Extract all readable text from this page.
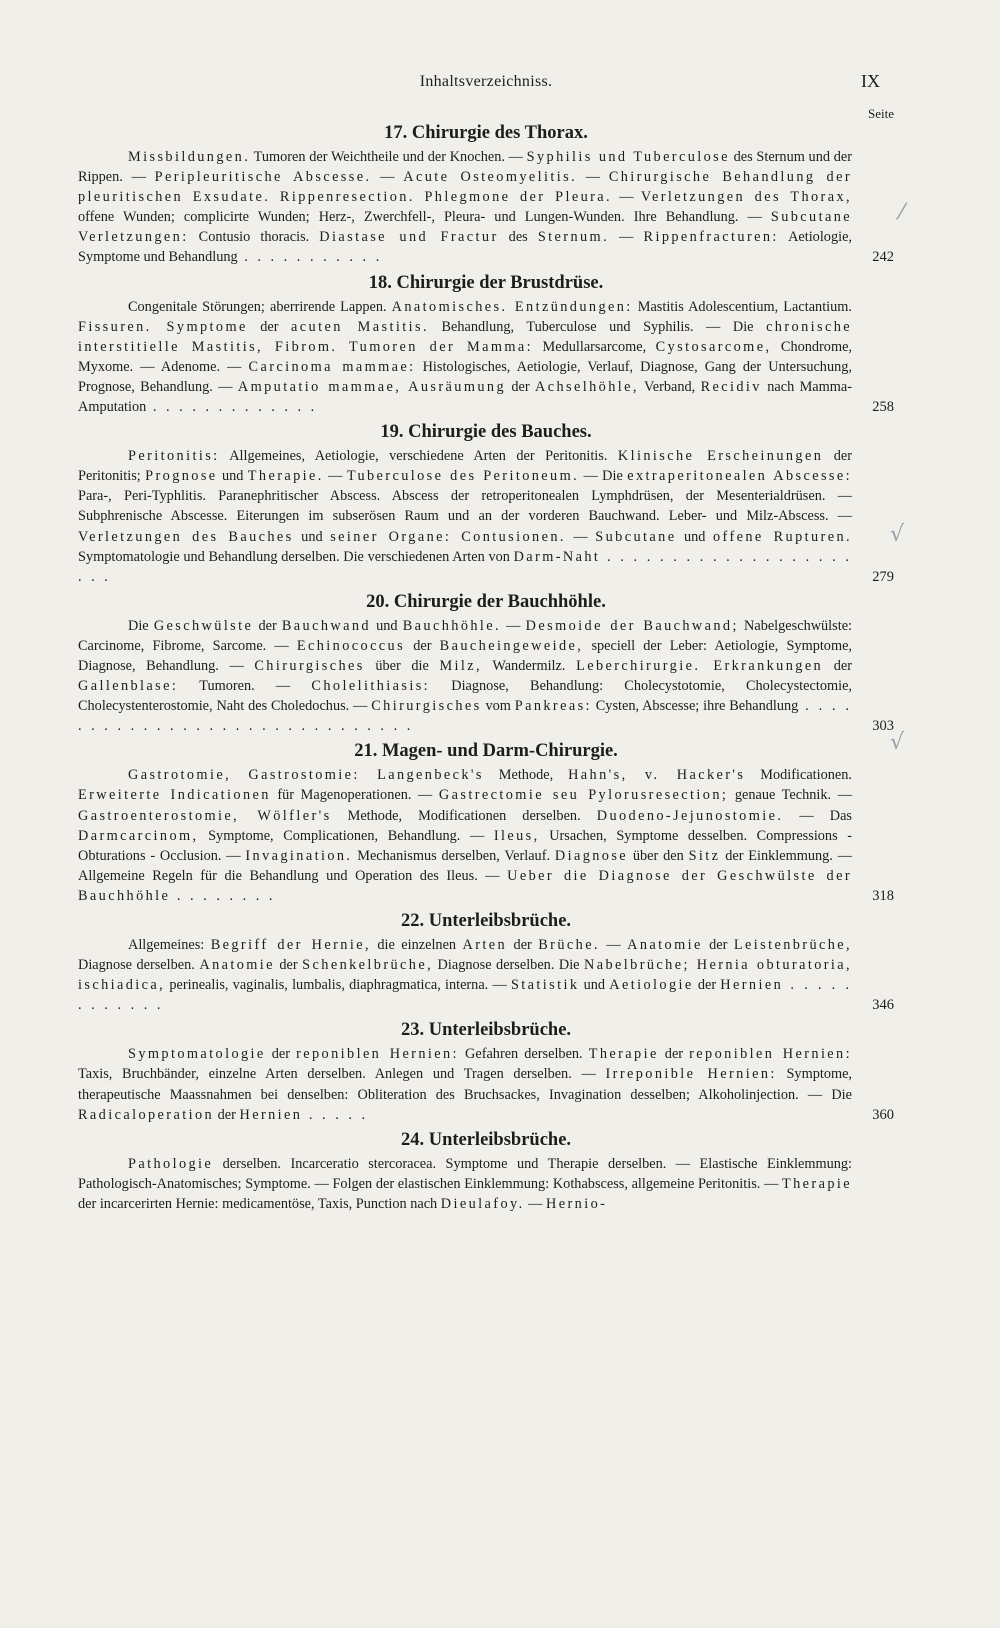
Inhaltsverzeichniss.	IX
Seite
17. Chirurgie des Thorax.
Missbildungen. Tumoren der Weichtheile und der Knochen. — Syphilis und Tuberculose des Sternum und der Rippen. — Peripleuritische Abscesse. — Acute Osteomyelitis. — Chirurgische Behandlung der pleuritischen Exsudate. Rippenresection. Phlegmone der Pleura. — Verletzungen des Thorax, offene Wunden; complicirte Wunden; Herz-, Zwerchfell-, Pleura- und Lungen-Wunden. Ihre Behandlung. — Subcutane Verletzungen: Contusio thoracis. Diastase und Fractur des Sternum. — Rippenfracturen: Aetiologie, Symptome und Behandlung . . . . . . . . . . .	242
18. Chirurgie der Brustdrüse.
Congenitale Störungen; aberrirende Lappen. Anatomisches. Entzündungen: Mastitis Adolescentium, Lactantium. Fissuren. Symptome der acuten Mastitis. Behandlung, Tuberculose und Syphilis. — Die chronische interstitielle Mastitis, Fibrom. Tumoren der Mamma: Medullarsarcome, Cystosarcome, Chondrome, Myxome. — Adenome. — Carcinoma mammae: Histologisches, Aetiologie, Verlauf, Diagnose, Gang der Untersuchung, Prognose, Behandlung. — Amputatio mammae, Ausräumung der Achselhöhle, Verband, Recidiv nach Mamma-Amputation . . . . . . . . . . . . .	258
19. Chirurgie des Bauches.
Peritonitis: Allgemeines, Aetiologie, verschiedene Arten der Peritonitis. Klinische Erscheinungen der Peritonitis; Prognose und Therapie. — Tuberculose des Peritoneum. — Die extraperitonealen Abscesse: Para-, Peri-Typhlitis. Paranephritischer Abscess. Abscess der retroperitonealen Lymphdrüsen, der Mesenterialdrüsen. — Subphrenische Abscesse. Eiterungen im subserösen Raum und an der vorderen Bauchwand. Leber- und Milz-Abscess. — Verletzungen des Bauches und seiner Organe: Contusionen. — Subcutane und offene Rupturen. Symptomatologie und Behandlung derselben. Die verschiedenen Arten von Darm-Naht . . . . . . . . . . . . . . . . . . . . . .	279
20. Chirurgie der Bauchhöhle.
Die Geschwülste der Bauchwand und Bauchhöhle. — Desmoide der Bauchwand; Nabelgeschwülste: Carcinome, Fibrome, Sarcome. — Echinococcus der Baucheingeweide, speciell der Leber: Aetiologie, Symptome, Diagnose, Behandlung. — Chirurgisches über die Milz, Wandermilz. Leberchirurgie. Erkrankungen der Gallenblase: Tumoren. — Cholelithiasis: Diagnose, Behandlung: Cholecystotomie, Cholecystectomie, Cholecystenterostomie, Naht des Choledochus. — Chirurgisches vom Pankreas: Cysten, Abscesse; ihre Behandlung . . . . . . . . . . . . . . . . . . . . . . . . . . . . . .	303
21. Magen- und Darm-Chirurgie.
Gastrotomie, Gastrostomie: Langenbeck's Methode, Hahn's, v. Hacker's Modificationen. Erweiterte Indicationen für Magenoperationen. — Gastrectomie seu Pylorusresection; genaue Technik. — Gastroenterostomie, Wölfler's Methode, Modificationen derselben. Duodeno-Jejunostomie. — Das Darmcarcinom, Symptome, Complicationen, Behandlung. — Ileus, Ursachen, Symptome desselben. Compressions - Obturations - Occlusion. — Invagination. Mechanismus derselben, Verlauf. Diagnose über den Sitz der Einklemmung. — Allgemeine Regeln für die Behandlung und Operation des Ileus. — Ueber die Diagnose der Geschwülste der Bauchhöhle . . . . . . . .	318
22. Unterleibsbrüche.
Allgemeines: Begriff der Hernie, die einzelnen Arten der Brüche. — Anatomie der Leistenbrüche, Diagnose derselben. Anatomie der Schenkelbrüche, Diagnose derselben. Die Nabelbrüche; Hernia obturatoria, ischiadica, perinealis, vaginalis, lumbalis, diaphragmatica, interna. — Statistik und Aetiologie der Hernien . . . . . . . . . . . .	346
23. Unterleibsbrüche.
Symptomatologie der reponiblen Hernien: Gefahren derselben. Therapie der reponiblen Hernien: Taxis, Bruchbänder, einzelne Arten derselben. Anlegen und Tragen derselben. — Irreponible Hernien: Symptome, therapeutische Maassnahmen bei denselben: Obliteration des Bruchsackes, Invagination desselben; Alkoholinjection. — Die Radicaloperation der Hernien . . . . .	360
24. Unterleibsbrüche.
Pathologie derselben. Incarceratio stercoracea. Symptome und Therapie derselben. — Elastische Einklemmung: Pathologisch-Anatomisches; Symptome. — Folgen der elastischen Einklemmung: Kothabscess, allgemeine Peritonitis. — Therapie der incarcerirten Hernie: medicamentöse, Taxis, Punction nach Dieulafoy. — Hernio-
⁄
√
√
